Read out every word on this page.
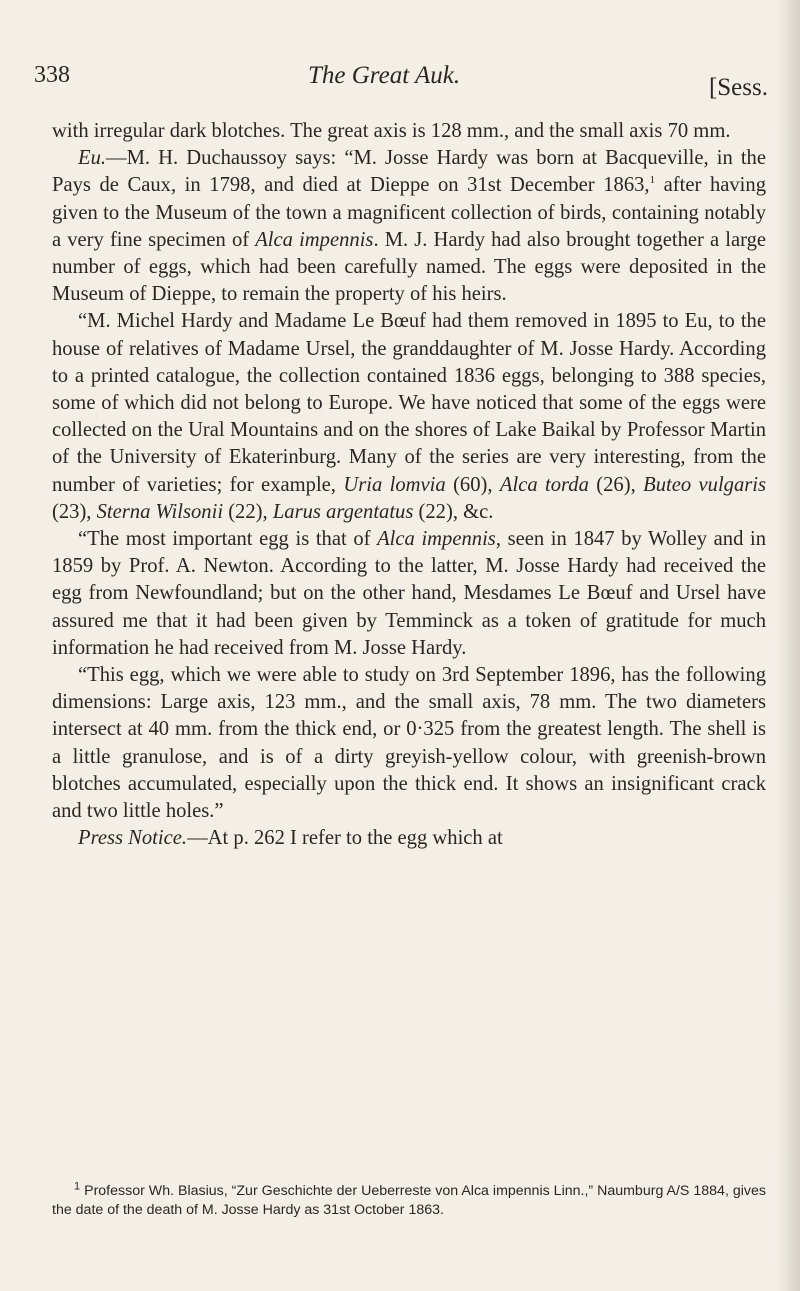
338	The Great Auk.	[Sess.

with irregular dark blotches. The great axis is 128 mm., and the small axis 70 mm.

Eu.—M. H. Duchaussoy says: “M. Josse Hardy was born at Bacqueville, in the Pays de Caux, in 1798, and died at Dieppe on 31st December 1863,$^1$ after having given to the Museum of the town a magnificent collection of birds, containing notably a very fine specimen of Alca impennis. M. J. Hardy had also brought together a large number of eggs, which had been carefully named. The eggs were deposited in the Museum of Dieppe, to remain the property of his heirs.

“M. Michel Hardy and Madame Le Bœuf had them removed in 1895 to Eu, to the house of relatives of Madame Ursel, the granddaughter of M. Josse Hardy. According to a printed catalogue, the collection contained 1836 eggs, belonging to 388 species, some of which did not belong to Europe. We have noticed that some of the eggs were collected on the Ural Mountains and on the shores of Lake Baikal by Professor Martin of the University of Ekaterinburg. Many of the series are very interesting, from the number of varieties; for example, Uria lomvia (60), Alca torda (26), Buteo vulgaris (23), Sterna Wilsonii (22), Larus argentatus (22), &c.

“The most important egg is that of Alca impennis, seen in 1847 by Wolley and in 1859 by Prof. A. Newton. According to the latter, M. Josse Hardy had received the egg from Newfoundland; but on the other hand, Mesdames Le Bœuf and Ursel have assured me that it had been given by Temminck as a token of gratitude for much information he had received from M. Josse Hardy.

“This egg, which we were able to study on 3rd September 1896, has the following dimensions: Large axis, 123 mm., and the small axis, 78 mm. The two diameters intersect at 40 mm. from the thick end, or 0·325 from the greatest length. The shell is a little granulose, and is of a dirty greyish-yellow colour, with greenish-brown blotches accumulated, especially upon the thick end. It shows an insignificant crack and two little holes.”

Press Notice.—At p. 262 I refer to the egg which at

$^1$ Professor Wh. Blasius, “Zur Geschichte der Ueberreste von Alca impennis Linn.,” Naumburg A/S 1884, gives the date of the death of M. Josse Hardy as 31st October 1863.
